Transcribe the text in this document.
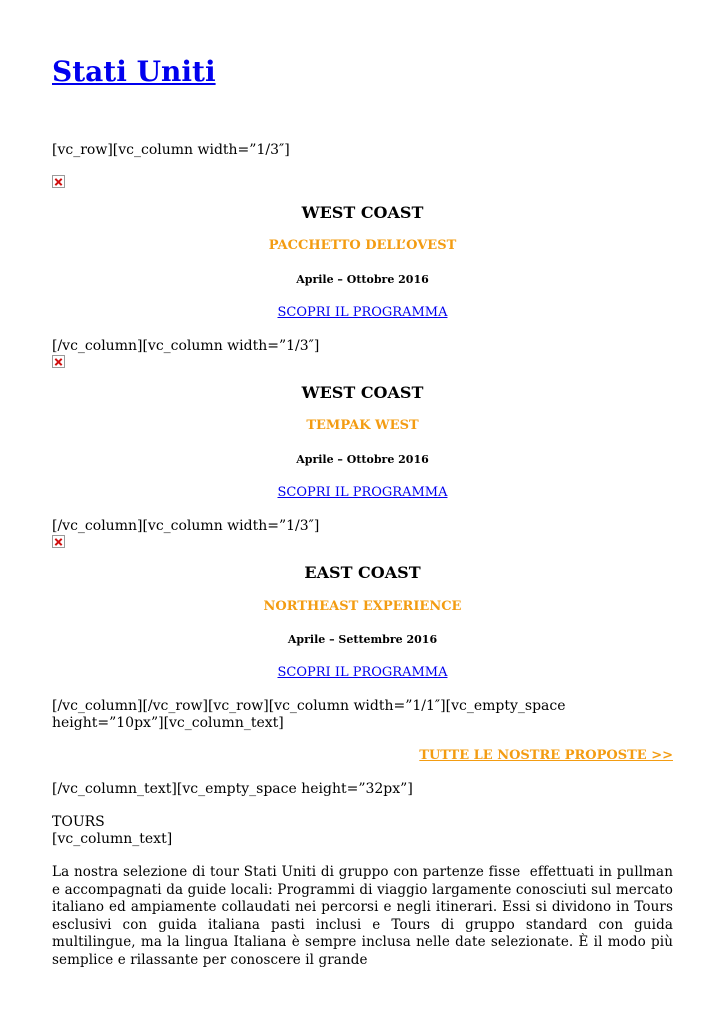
Stati Uniti

[vc_row][vc_column width=”1/3″]

WEST COAST

PACCHETTO DELL’OVEST

Aprile – Ottobre 2016

SCOPRI IL PROGRAMMA

[/vc_column][vc_column width=”1/3″]

WEST COAST

TEMPAK WEST

Aprile – Ottobre 2016

SCOPRI IL PROGRAMMA

[/vc_column][vc_column width=”1/3″]

EAST COAST

NORTHEAST EXPERIENCE

Aprile – Settembre 2016

SCOPRI IL PROGRAMMA

[/vc_column][/vc_row][vc_row][vc_column width=”1/1″][vc_empty_space

height=”10px”][vc_column_text]

TUTTE LE NOSTRE PROPOSTE >>

[/vc_column_text][vc_empty_space height=”32px”]

TOURS

[vc_column_text]

La nostra selezione di tour Stati Uniti di gruppo con partenze fisse  effettuati in pullman e accompagnati da guide locali: Programmi di viaggio largamente conosciuti sul mercato italiano ed ampiamente collaudati nei percorsi e negli itinerari. Essi si dividono in Tours esclusivi con guida italiana pasti inclusi e Tours di gruppo standard con guida multilingue, ma la lingua Italiana è sempre inclusa nelle date selezionate. È il modo più semplice e rilassante per conoscere il grande
